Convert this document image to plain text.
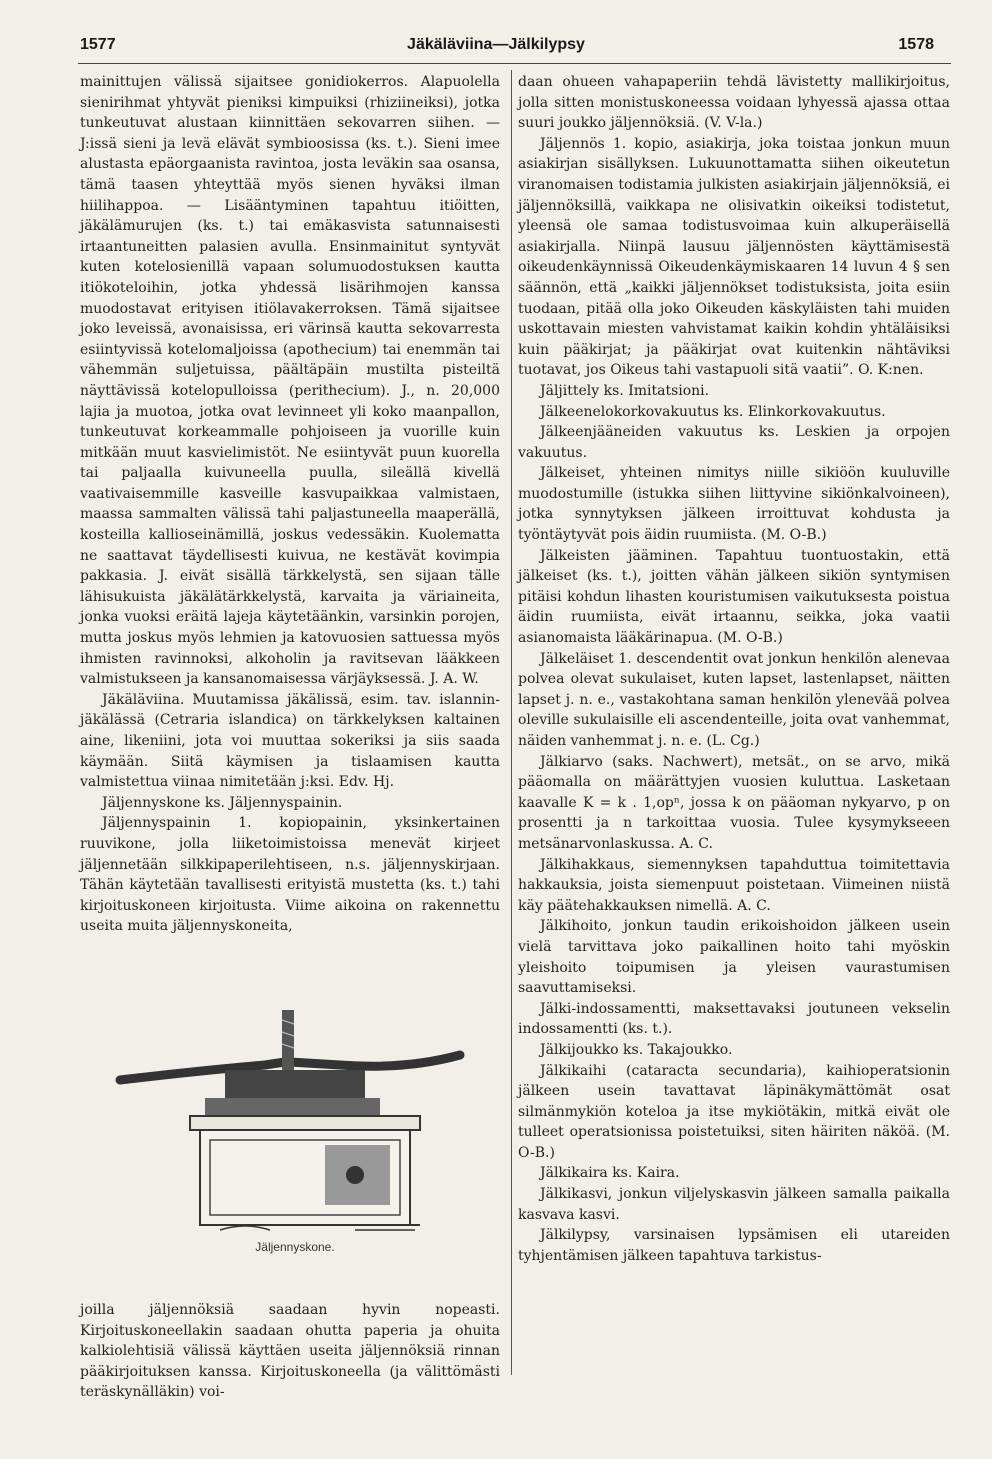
1577	Jäkäläviina—Jälkilypsy	1578

mainittujen välissä sijaitsee gonidiokerros. Alapuolella sienirihmat yhtyvät pieniksi kimpuiksi (rhiziineiksi), jotka tunkeutuvat alustaan kiinnittäen sekovarren siihen. — J:issä sieni ja levä elävät symbioosissa (ks. t.). Sieni imee alustasta epäorgaanista ravintoa, josta leväkin saa osansa, tämä taasen yhteyttää myös sienen hyväksi ilman hiilihappoa. — Lisääntyminen tapahtuu itiöitten, jäkälämurujen (ks. t.) tai emäkasvista satunnaisesti irtaantuneitten palasien avulla. Ensinmainitut syntyvät kuten kotelosienillä vapaan solumuodostuksen kautta itiökoteloihin, jotka yhdessä lisärihmojen kanssa muodostavat erityisen itiölavakerroksen. Tämä sijaitsee joko leveissä, avonaisissa, eri värinsä kautta sekovarresta esiintyvissä kotelomaljoissa (apothecium) tai enemmän tai vähemmän suljetuissa, päältäpäin mustilta pisteiltä näyttävissä kotelopulloissa (perithecium). J., n. 20,000 lajia ja muotoa, jotka ovat levinneet yli koko maanpallon, tunkeutuvat korkeammalle pohjoiseen ja vuorille kuin mitkään muut kasvielimistöt. Ne esiintyvät puun kuorella tai paljaalla kuivuneella puulla, sileällä kivellä vaativaisemmille kasveille kasvupaikkaa valmistaen, maassa sammalten välissä tahi paljastuneella maaperällä, kosteilla kallioseinämillä, joskus vedessäkin. Kuolematta ne saattavat täydellisesti kuivua, ne kestävät kovimpia pakkasia. J. eivät sisällä tärkkelystä, sen sijaan tälle lähisukuista jäkälätärkkelystä, karvaita ja väriaineita, jonka vuoksi eräitä lajeja käytetäänkin, varsinkin porojen, mutta joskus myös lehmien ja katovuosien sattuessa myös ihmisten ravinnoksi, alkoholin ja ravitsevan lääkkeen valmistukseen ja kansanomaisessa värjäyksessä. J. A. W.

Jäkäläviina. Muutamissa jäkälissä, esim. tav. islannin-jäkälässä (Cetraria islandica) on tärkkelyksen kaltainen aine, likeniini, jota voi muuttaa sokeriksi ja siis saada käymään. Siitä käymisen ja tislaamisen kautta valmistettua viinaa nimitetään j:ksi. Edv. Hj.

Jäljennyskone ks. Jäljennyspainin.

Jäljennyspainin 1. kopiopainin, yksinkertainen ruuvikone, jolla liiketoimistoissa menevät kirjeet jäljennetään silkkipaperilehtiseen, n.s. jäljennyskirjaan. Tähän käytetään tavallisesti erityistä mustetta (ks. t.) tahi kirjoituskoneen kirjoitusta. Viime aikoina on rakennettu useita muita jäljennyskoneita,

Jäljennyskone.

joilla jäljennöksiä saadaan hyvin nopeasti. Kirjoituskoneellakin saadaan ohutta paperia ja ohuita kalkiolehtisiä välissä käyttäen useita jäljennöksiä rinnan pääkirjoituksen kanssa. Kirjoituskoneella (ja välittömästi teräskynälläkin) voi-

daan ohueen vahapaperiin tehdä lävistetty mallikirjoitus, jolla sitten monistuskoneessa voidaan lyhyessä ajassa ottaa suuri joukko jäljennöksiä. (V. V-la.)

Jäljennös 1. kopio, asiakirja, joka toistaa jonkun muun asiakirjan sisällyksen. Lukuunottamatta siihen oikeutetun viranomaisen todistamia julkisten asiakirjain jäljennöksiä, ei jäljennöksillä, vaikkapa ne olisivatkin oikeiksi todistetut, yleensä ole samaa todistusvoimaa kuin alkuperäisellä asiakirjalla. Niinpä lausuu jäljennösten käyttämisestä oikeudenkäynnissä Oikeudenkäymiskaaren 14 luvun 4 § sen säännön, että „kaikki jäljennökset todistuksista, joita esiin tuodaan, pitää olla joko Oikeuden käskyläisten tahi muiden uskottavain miesten vahvistamat kaikin kohdin yhtäläisiksi kuin pääkirjat; ja pääkirjat ovat kuitenkin nähtäviksi tuotavat, jos Oikeus tahi vastapuoli sitä vaatii”. O. K:nen.

Jäljittely ks. Imitatsioni.

Jälkeenelokorkovakuutus ks. Elinkorkovakuutus.

Jälkeenjääneiden vakuutus ks. Leskien ja orpojen vakuutus.

Jälkeiset, yhteinen nimitys niille sikiöön kuuluville muodostumille (istukka siihen liittyvine sikiönkalvoineen), jotka synnytyksen jälkeen irroittuvat kohdusta ja työntäytyvät pois äidin ruumiista. (M. O-B.)

Jälkeisten jääminen. Tapahtuu tuontuostakin, että jälkeiset (ks. t.), joitten vähän jälkeen sikiön syntymisen pitäisi kohdun lihasten kouristumisen vaikutuksesta poistua äidin ruumiista, eivät irtaannu, seikka, joka vaatii asianomaista lääkärinapua. (M. O-B.)

Jälkeläiset 1. descendentit ovat jonkun henkilön alenevaa polvea olevat sukulaiset, kuten lapset, lastenlapset, näitten lapset j. n. e., vastakohtana saman henkilön ylenevää polvea oleville sukulaisille eli ascendenteille, joita ovat vanhemmat, näiden vanhemmat j. n. e. (L. Cg.)

Jälkiarvo (saks. Nachwert), metsät., on se arvo, mikä pääomalla on määrättyjen vuosien kuluttua. Lasketaan kaavalle K = k . 1,opⁿ, jossa k on pääoman nykyarvo, p on prosentti ja n tarkoittaa vuosia. Tulee kysymykseeen metsänarvonlaskussa. A. C.

Jälkihakkaus, siemennyksen tapahduttua toimitettavia hakkauksia, joista siemenpuut poistetaan. Viimeinen niistä käy päätehakkauksen nimellä. A. C.

Jälkihoito, jonkun taudin erikoishoidon jälkeen usein vielä tarvittava joko paikallinen hoito tahi myöskin yleishoito toipumisen ja yleisen vaurastumisen saavuttamiseksi.

Jälki-indossamentti, maksettavaksi joutuneen vekselin indossamentti (ks. t.).

Jälkijoukko ks. Takajoukko.

Jälkikaihi (cataracta secundaria), kaihioperatsionin jälkeen usein tavattavat läpinäkymättömät osat silmänmykiön koteloa ja itse mykiötäkin, mitkä eivät ole tulleet operatsionissa poistetuiksi, siten häiriten näköä. (M. O-B.)

Jälkikaira ks. Kaira.

Jälkikasvi, jonkun viljelyskasvin jälkeen samalla paikalla kasvava kasvi.

Jälkilypsy, varsinaisen lypsämisen eli utareiden tyhjentämisen jälkeen tapahtuva tarkistus-
